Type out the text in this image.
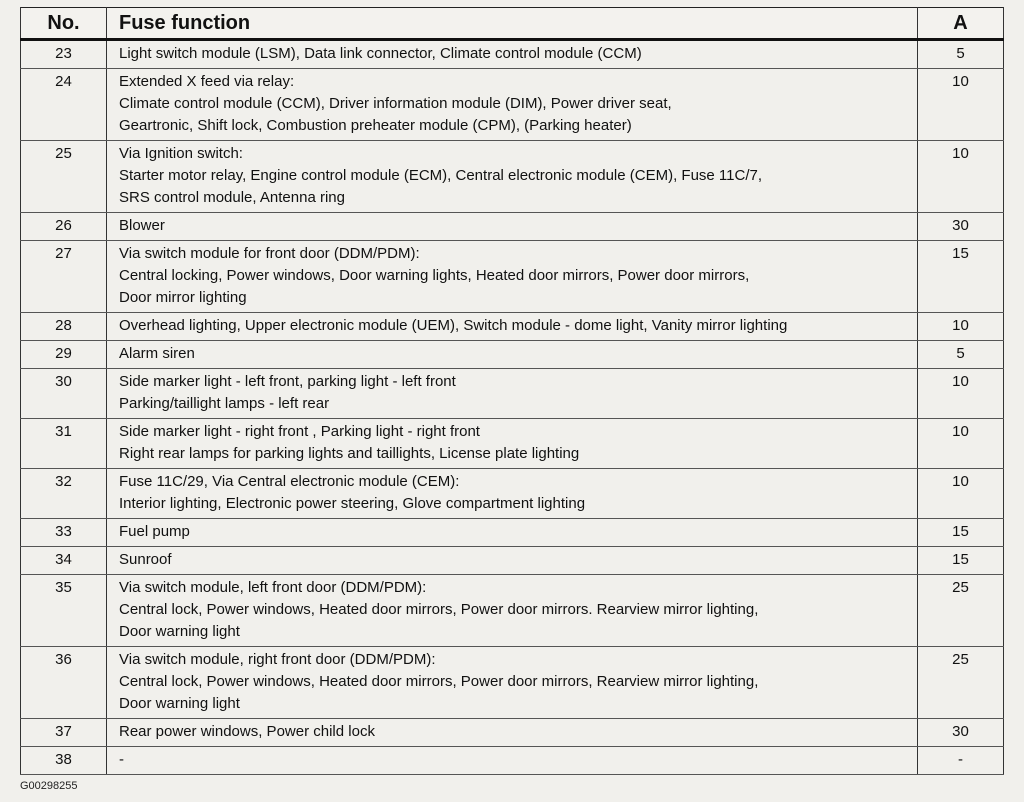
No.	Fuse function	A
23	Light switch module (LSM), Data link connector, Climate control module (CCM)	5
24	Extended X feed via relay:
Climate control module (CCM), Driver information module (DIM), Power driver seat,
Geartronic, Shift lock, Combustion preheater module (CPM), (Parking heater)	10
25	Via Ignition switch:
Starter motor relay, Engine control module (ECM), Central electronic module (CEM), Fuse 11C/7,
SRS control module, Antenna ring	10
26	Blower	30
27	Via switch module for front door (DDM/PDM):
Central locking, Power windows, Door warning lights, Heated door mirrors, Power door mirrors,
Door mirror lighting	15
28	Overhead lighting, Upper electronic module (UEM), Switch module - dome light, Vanity mirror lighting	10
29	Alarm siren	5
30	Side marker light - left front, parking light - left front
Parking/taillight lamps - left rear	10
31	Side marker light - right front , Parking light - right front
Right rear lamps for parking lights and taillights, License plate lighting	10
32	Fuse 11C/29, Via Central electronic module (CEM):
Interior lighting, Electronic power steering, Glove compartment lighting	10
33	Fuel pump	15
34	Sunroof	15
35	Via switch module, left front door (DDM/PDM):
Central lock, Power windows, Heated door mirrors, Power door mirrors. Rearview mirror lighting,
Door warning light	25
36	Via switch module, right front door (DDM/PDM):
Central lock, Power windows, Heated door mirrors, Power door mirrors, Rearview mirror lighting,
Door warning light	25
37	Rear power windows, Power child lock	30
38	-	-
G00298255
